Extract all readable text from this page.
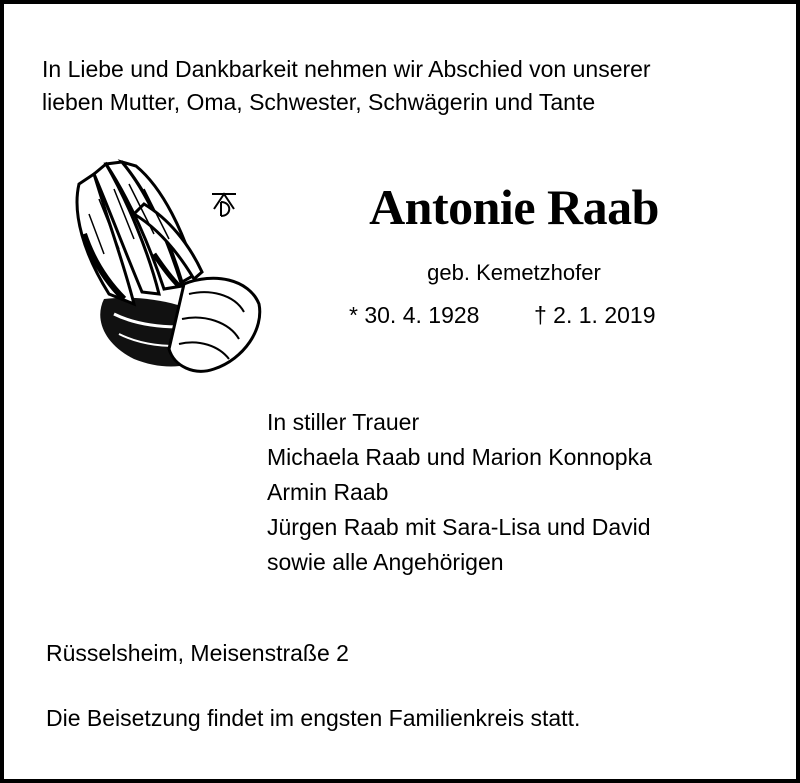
In Liebe und Dankbarkeit nehmen wir Abschied von unserer
lieben Mutter, Oma, Schwester, Schwägerin und Tante
Antonie Raab
geb. Kemetzhofer
* 30. 4. 1928 † 2. 1. 2019
In stiller Trauer
Michaela Raab und Marion Konnopka
Armin Raab
Jürgen Raab mit Sara-Lisa und David
sowie alle Angehörigen
Rüsselsheim, Meisenstraße 2
Die Beisetzung findet im engsten Familienkreis statt.
